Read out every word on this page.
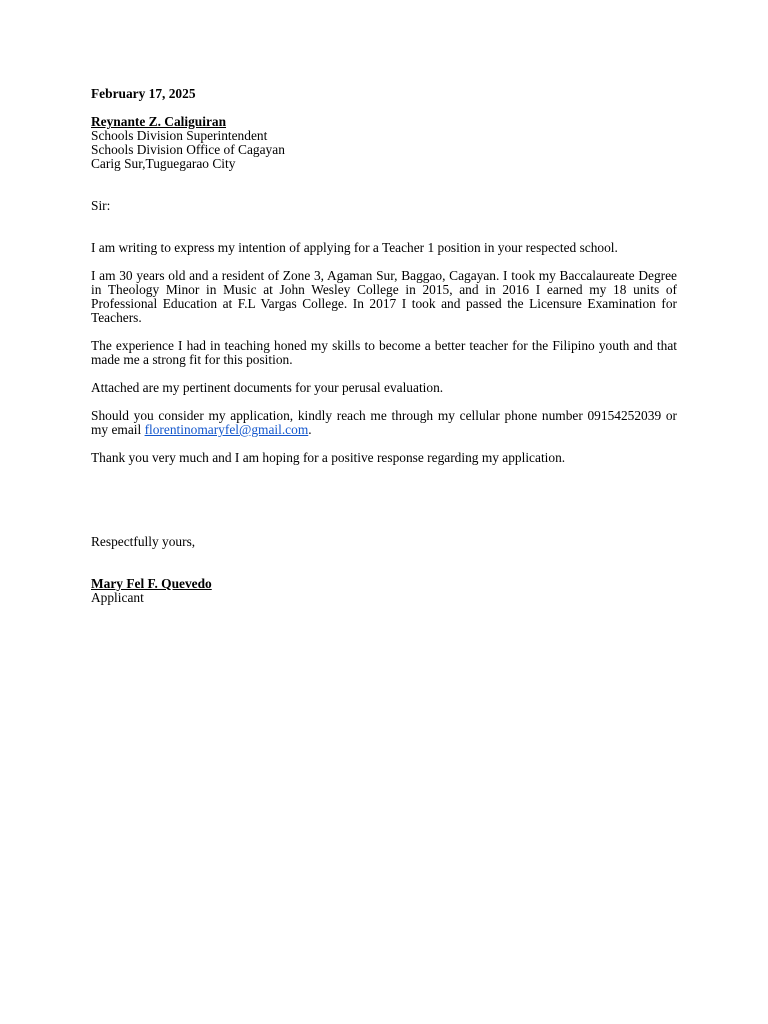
February 17, 2025
Reynante Z. Caliguiran
Schools Division Superintendent
Schools Division Office of Cagayan
Carig Sur,Tuguegarao City
Sir:

I am writing to express my intention of applying for a Teacher 1 position in your respected school.

I am 30 years old and a resident of Zone 3, Agaman Sur, Baggao, Cagayan. I took my Baccalaureate Degree in Theology Minor in Music at John Wesley College in 2015, and in 2016 I earned my 18 units of Professional Education at F.L Vargas College. In 2017 I took and passed the Licensure Examination for Teachers.

The experience I had in teaching honed my skills to become a better teacher for the Filipino youth and that made me a strong fit for this position.

Attached are my pertinent documents for your perusal evaluation.

Should you consider my application, kindly reach me through my cellular phone number 09154252039 or my email florentinomaryfel@gmail.com.

Thank you very much and I am hoping for a positive response regarding my application.

Respectfully yours,
Mary Fel F. Quevedo
Applicant
